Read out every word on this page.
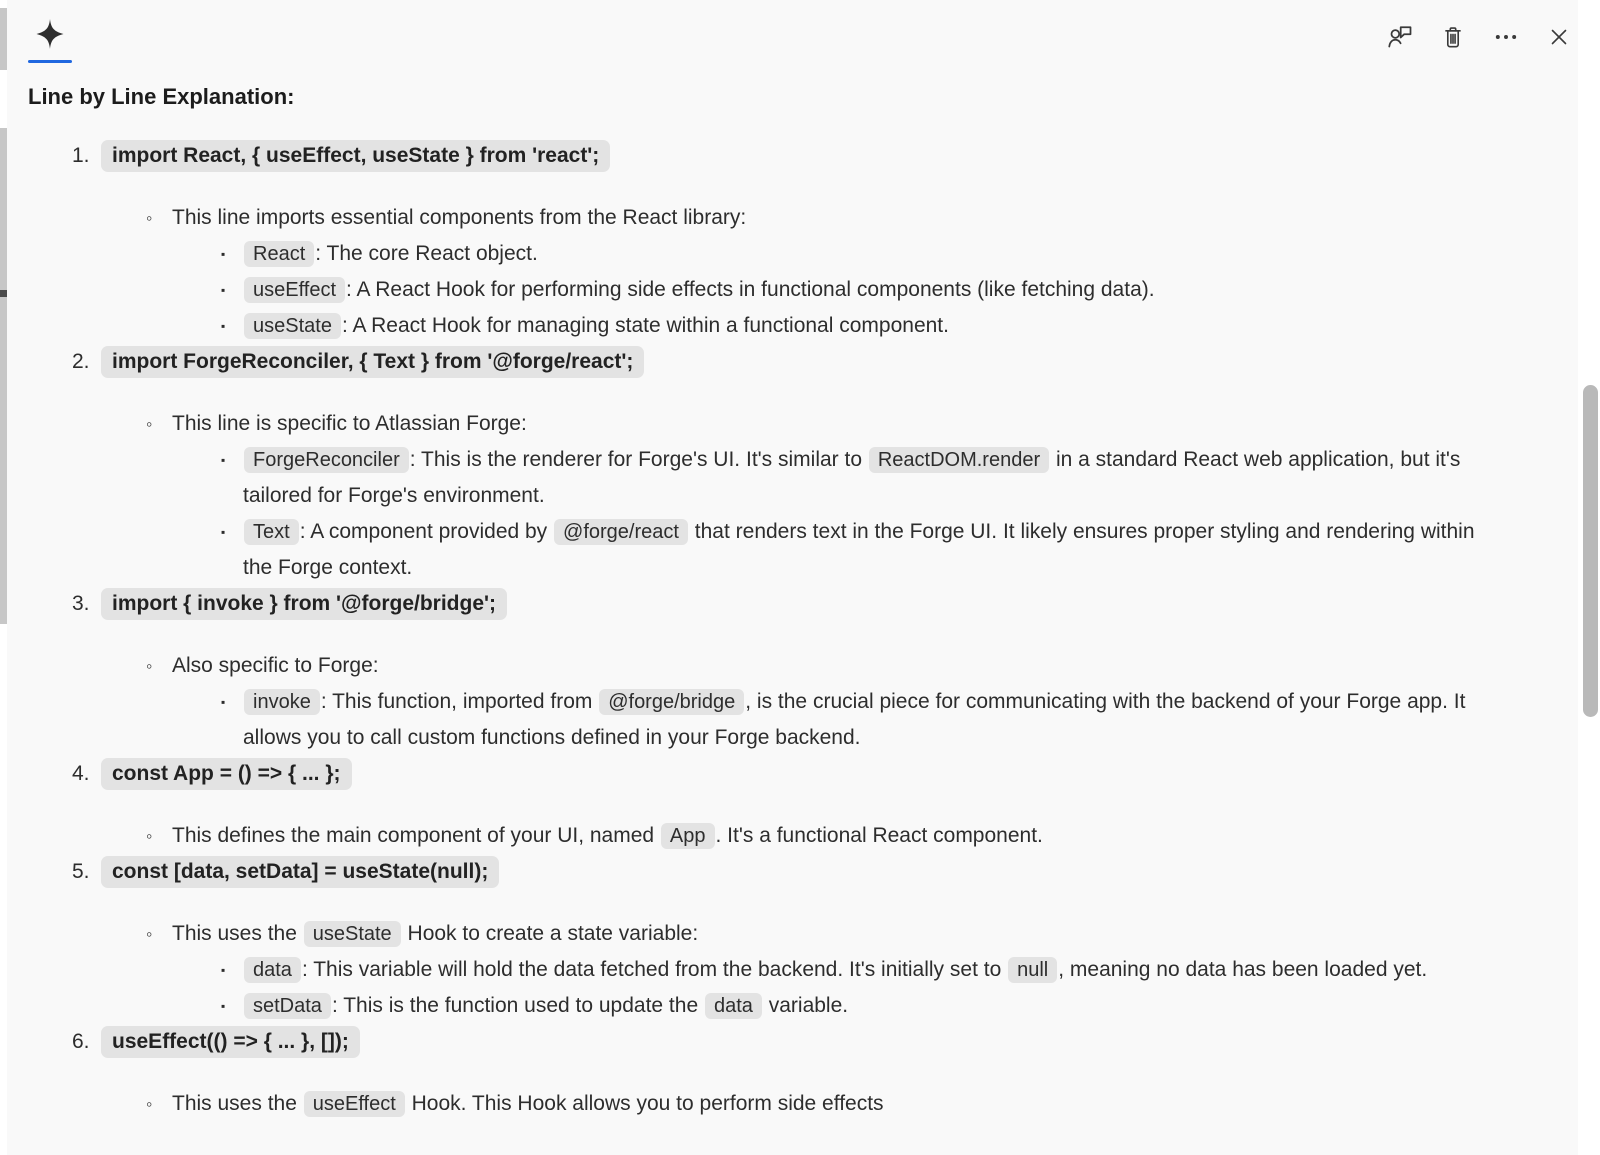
Line by Line Explanation:
1.	import React, { useEffect, useState } from 'react';
◦ This line imports essential components from the React library:
▪ React : The core React object.
▪ useEffect : A React Hook for performing side effects in functional components (like fetching data).
▪ useState : A React Hook for managing state within a functional component.
2.	import ForgeReconciler, { Text } from '@forge/react';
◦ This line is specific to Atlassian Forge:
▪ ForgeReconciler : This is the renderer for Forge's UI. It's similar to ReactDOM.render in a standard React web application, but it's tailored for Forge's environment.
▪ Text : A component provided by @forge/react that renders text in the Forge UI. It likely ensures proper styling and rendering within the Forge context.
3.	import { invoke } from '@forge/bridge';
◦ Also specific to Forge:
▪ invoke : This function, imported from @forge/bridge , is the crucial piece for communicating with the backend of your Forge app. It allows you to call custom functions defined in your Forge backend.
4.	const App = () => { ... };
◦ This defines the main component of your UI, named App . It's a functional React component.
5.	const [data, setData] = useState(null);
◦ This uses the useState Hook to create a state variable:
▪ data : This variable will hold the data fetched from the backend. It's initially set to null , meaning no data has been loaded yet.
▪ setData : This is the function used to update the data variable.
6.	useEffect(() => { ... }, []);
◦ This uses the useEffect Hook. This Hook allows you to perform side effects
